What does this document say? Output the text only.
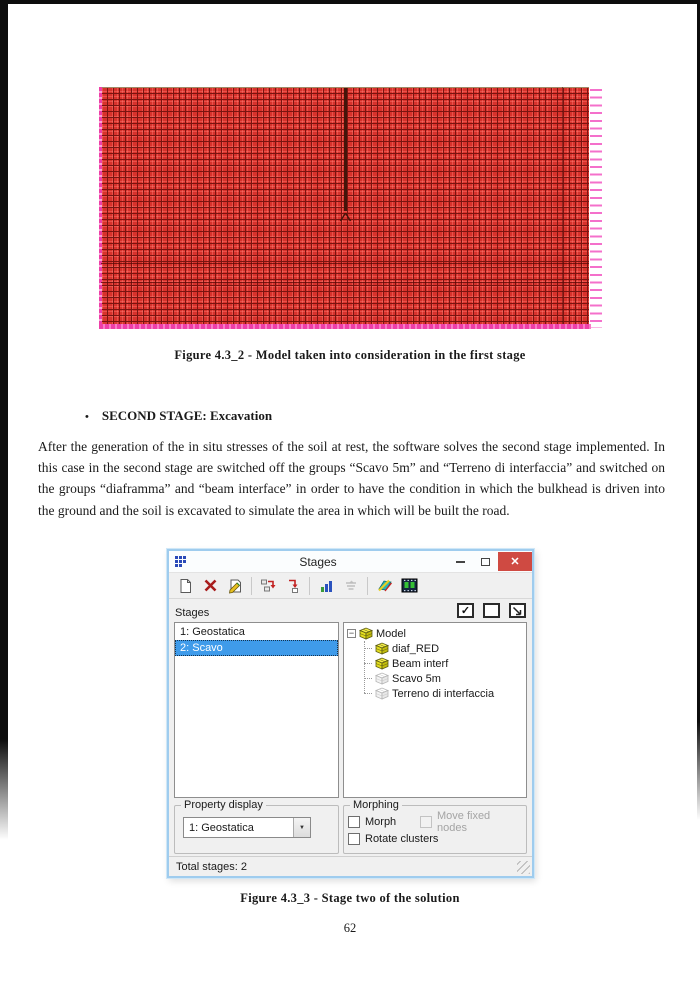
Figure 4.3_2 - Model taken into consideration in the first stage
• SECOND STAGE: Excavation

After the generation of the in situ stresses of the soil at rest, the software solves the second stage implemented. In this case in the second stage are switched off the groups “Scavo 5m” and “Terreno di interfaccia” and switched on the groups “diaframma” and “beam interface” in order to have the condition in which the bulkhead is driven into the ground and the soil is excavated to simulate the area in which will be built the road.

Stages	✕
Stages	✓
1: Geostatica
2: Scavo
− Model
diaf_RED
Beam interf
Scavo 5m
Terreno di interfaccia
Property display
1: Geostatica	▼
Morphing
Morph	Move fixed nodes
Rotate clusters
Total stages: 2
Figure 4.3_3 - Stage two of the solution
62
